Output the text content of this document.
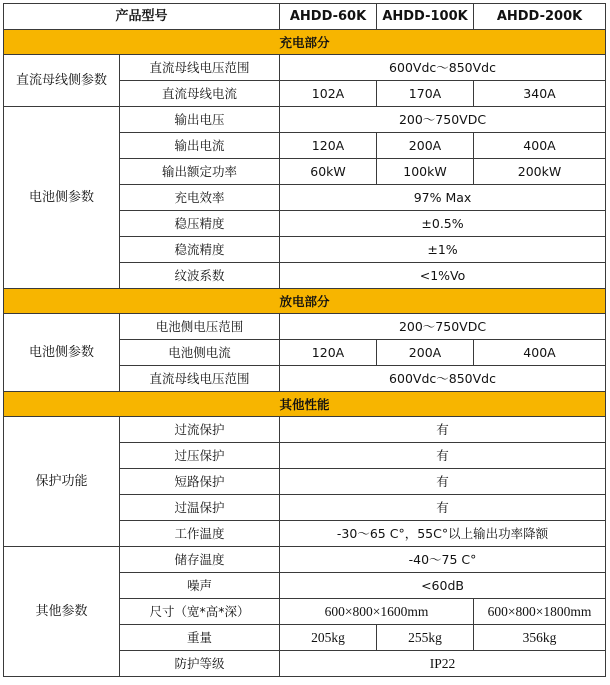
产品型号		AHDD-60K	AHDD-100K	AHDD-200K
充电部分				
直流母线侧参数	直流母线电压范围	600Vdc～850Vdc		
	直流母线电流	102A	170A	340A
电池侧参数	输出电压	200～750VDC		
	输出电流	120A	200A	400A
	输出额定功率	60kW	100kW	200kW
	充电效率	97% Max		
	稳压精度	±0.5%		
	稳流精度	±1%		
	纹波系数	<1%Vo		
放电部分				
电池侧参数	电池侧电压范围	200～750VDC		
	电池侧电流	120A	200A	400A
	直流母线电压范围	600Vdc～850Vdc		
其他性能				
保护功能	过流保护	有		
	过压保护	有		
	短路保护	有		
	过温保护	有		
	工作温度	-30～65 C°，55C°以上输出功率降额		
其他参数	储存温度	-40～75 C°		
	噪声	<60dB		
	尺寸（宽*高*深）	600×800×1600mm		600×800×1800mm
	重量	205kg	255kg	356kg
	防护等级	IP22		
